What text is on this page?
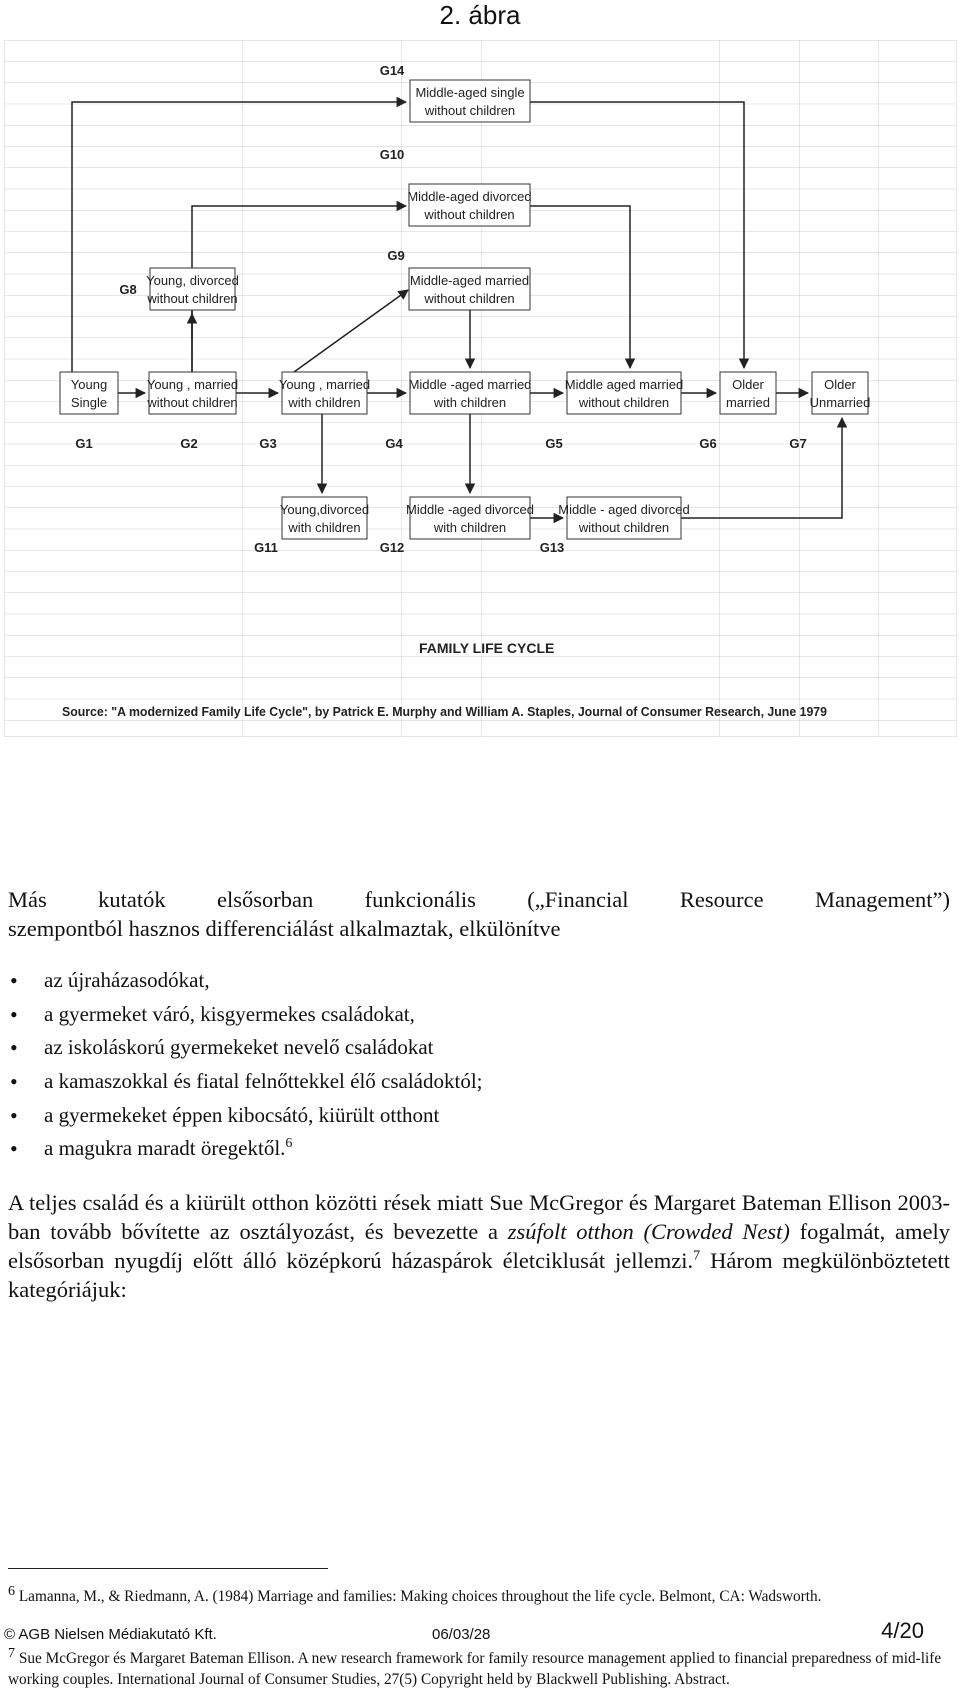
2. ábra
Middle-aged single
without children
Middle-aged divorced
without children
Young, divorced
without children
Middle-aged married
without children
Young
Single
Young , married
without children
Young , married
with children
Middle -aged married
with children
Middle aged married
without children
Older
married
Older
Unmarried
Young,divorced
with children
Middle -aged divorced
with children
Middle - aged divorced
without children
G1	G2	G3	G4	G5	G6	G7
G8
G9
G10
G11	G12	G13
G14
FAMILY LIFE CYCLE
Source: "A modernized Family Life Cycle", by Patrick E. Murphy and William A. Staples, Journal of Consumer Research, June 1979
Más kutatók elsősorban funkcionális („Financial Resource Management”)
szempontból hasznos differenciálást alkalmaztak, elkülönítve
• az újraházasodókat,
• a gyermeket váró, kisgyermekes családokat,
• az iskoláskorú gyermekeket nevelő családokat
• a kamaszokkal és fiatal felnőttekkel élő családoktól;
• a gyermekeket éppen kibocsátó, kiürült otthont
• a magukra maradt öregektől.$^6$
A teljes család és a kiürült otthon közötti rések miatt Sue McGregor és Margaret Bateman Ellison 2003-ban tovább bővítette az osztályozást, és bevezette a zsúfolt otthon (Crowded Nest) fogalmát, amely elsősorban nyugdíj előtt álló középkorú házaspárok életciklusát jellemzi.$^7$ Három megkülönböztetett kategóriájuk:
$^6$ Lamanna, M., & Riedmann, A. (1984) Marriage and families: Making choices throughout the life cycle. Belmont, CA: Wadsworth.
$^7$ Sue McGregor és Margaret Bateman Ellison. A new research framework for family resource management applied to financial preparedness of mid-life working couples. International Journal of Consumer Studies, 27(5) Copyright held by Blackwell Publishing. Abstract.
© AGB Nielsen Médiakutató Kft.	06/03/28	4/20
